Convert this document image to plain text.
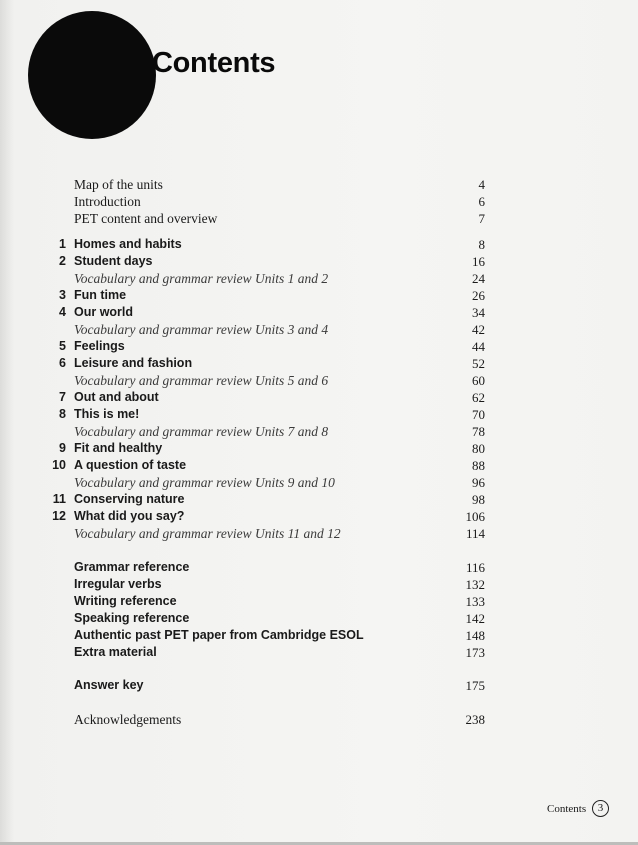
Contents
Map of the units	4
Introduction	6
PET content and overview	7
1 Homes and habits	8
2 Student days	16
Vocabulary and grammar review Units 1 and 2	24
3 Fun time	26
4 Our world	34
Vocabulary and grammar review Units 3 and 4	42
5 Feelings	44
6 Leisure and fashion	52
Vocabulary and grammar review Units 5 and 6	60
7 Out and about	62
8 This is me!	70
Vocabulary and grammar review Units 7 and 8	78
9 Fit and healthy	80
10 A question of taste	88
Vocabulary and grammar review Units 9 and 10	96
11 Conserving nature	98
12 What did you say?	106
Vocabulary and grammar review Units 11 and 12	114
Grammar reference	116
Irregular verbs	132
Writing reference	133
Speaking reference	142
Authentic past PET paper from Cambridge ESOL	148
Extra material	173
Answer key	175
Acknowledgements	238
Contents	3
